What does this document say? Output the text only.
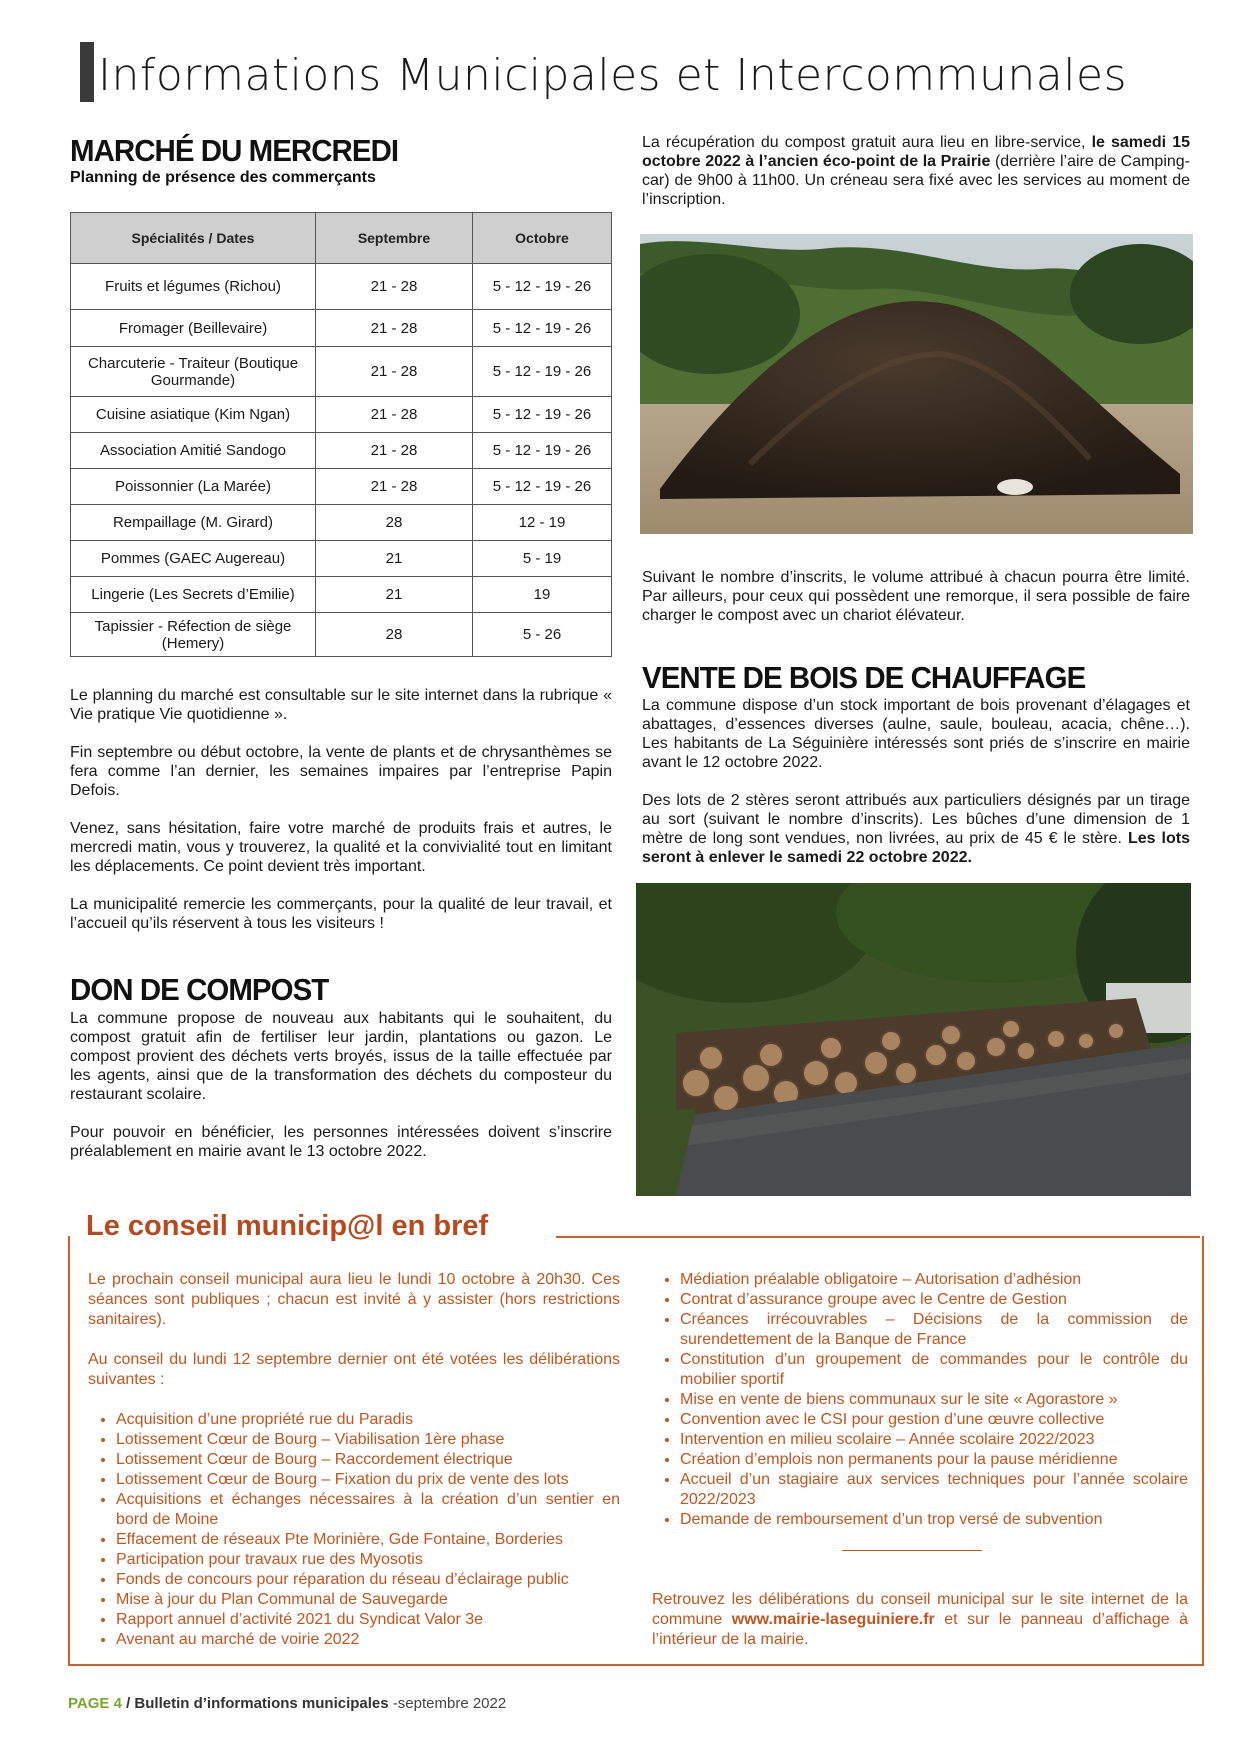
Informations Municipales et Intercommunales
MARCHÉ DU MERCREDI
Planning de présence des commerçants
Spécialités / Dates	Septembre	Octobre
Fruits et légumes (Richou)	21 - 28	5 - 12 - 19 - 26
Fromager (Beillevaire)	21 - 28	5 - 12 - 19 - 26
Charcuterie - Traiteur (Boutique Gourmande)	21 - 28	5 - 12 - 19 - 26
Cuisine asiatique (Kim Ngan)	21 - 28	5 - 12 - 19 - 26
Association Amitié Sandogo	21 - 28	5 - 12 - 19 - 26
Poissonnier (La Marée)	21 - 28	5 - 12 - 19 - 26
Rempaillage (M. Girard)	28	12 - 19
Pommes (GAEC Augereau)	21	5 - 19
Lingerie (Les Secrets d’Emilie)	21	19
Tapissier - Réfection de siège (Hemery)	28	5 - 26

Le planning du marché est consultable sur le site internet dans la rubrique « Vie pratique Vie quotidienne ».

Fin septembre ou début octobre, la vente de plants et de chrysanthèmes se fera comme l’an dernier, les semaines impaires par l’entreprise Papin Defois.

Venez, sans hésitation, faire votre marché de produits frais et autres, le mercredi matin, vous y trouverez, la qualité et la convivialité tout en limitant les déplacements. Ce point devient très important.

La municipalité remercie les commerçants, pour la qualité de leur travail, et l’accueil qu’ils réservent à tous les visiteurs !

DON DE COMPOST

La commune propose de nouveau aux habitants qui le souhaitent, du compost gratuit afin de fertiliser leur jardin, plantations ou gazon. Le compost provient des déchets verts broyés, issus de la taille effectuée par les agents, ainsi que de la transformation des déchets du composteur du restaurant scolaire.

Pour pouvoir en bénéficier, les personnes intéressées doivent s’inscrire préalablement en mairie avant le 13 octobre 2022.

La récupération du compost gratuit aura lieu en libre-service, le samedi 15 octobre 2022 à l’ancien éco-point de la Prairie (derrière l’aire de Camping-car) de 9h00 à 11h00. Un créneau sera fixé avec les services au moment de l’inscription.

Suivant le nombre d’inscrits, le volume attribué à chacun pourra être limité. Par ailleurs, pour ceux qui possèdent une remorque, il sera possible de faire charger le compost avec un chariot élévateur.

VENTE DE BOIS DE CHAUFFAGE

La commune dispose d’un stock important de bois provenant d’élagages et abattages, d’essences diverses (aulne, saule, bouleau, acacia, chêne…). Les habitants de La Séguinière intéressés sont priés de s’inscrire en mairie avant le 12 octobre 2022.

Des lots de 2 stères seront attribués aux particuliers désignés par un tirage au sort (suivant le nombre d’inscrits). Les bûches d’une dimension de 1 mètre de long sont vendues, non livrées, au prix de 45 € le stère. Les lots seront à enlever le samedi 22 octobre 2022.

Le conseil municip@l en bref
Le prochain conseil municipal aura lieu le lundi 10 octobre à 20h30. Ces séances sont publiques ; chacun est invité à y assister (hors restrictions sanitaires).
Au conseil du lundi 12 septembre dernier ont été votées les délibérations suivantes :
• Acquisition d’une propriété rue du Paradis
• Lotissement Cœur de Bourg – Viabilisation 1ère phase
• Lotissement Cœur de Bourg – Raccordement électrique
• Lotissement Cœur de Bourg – Fixation du prix de vente des lots
• Acquisitions et échanges nécessaires à la création d’un sentier en bord de Moine
• Effacement de réseaux Pte Morinière, Gde Fontaine, Borderies
• Participation pour travaux rue des Myosotis
• Fonds de concours pour réparation du réseau d’éclairage public
• Mise à jour du Plan Communal de Sauvegarde
• Rapport annuel d’activité 2021 du Syndicat Valor 3e
• Avenant au marché de voirie 2022
• Médiation préalable obligatoire – Autorisation d’adhésion
• Contrat d’assurance groupe avec le Centre de Gestion
• Créances irrécouvrables – Décisions de la commission de surendettement de la Banque de France
• Constitution d’un groupement de commandes pour le contrôle du mobilier sportif
• Mise en vente de biens communaux sur le site « Agorastore »
• Convention avec le CSI pour gestion d’une œuvre collective
• Intervention en milieu scolaire – Année scolaire 2022/2023
• Création d’emplois non permanents pour la pause méridienne
• Accueil d’un stagiaire aux services techniques pour l’année scolaire 2022/2023
• Demande de remboursement d’un trop versé de subvention
Retrouvez les délibérations du conseil municipal sur le site internet de la commune www.mairie-laseguiniere.fr et sur le panneau d’affichage à l’intérieur de la mairie.
PAGE 4 / Bulletin d’informations municipales -septembre 2022
